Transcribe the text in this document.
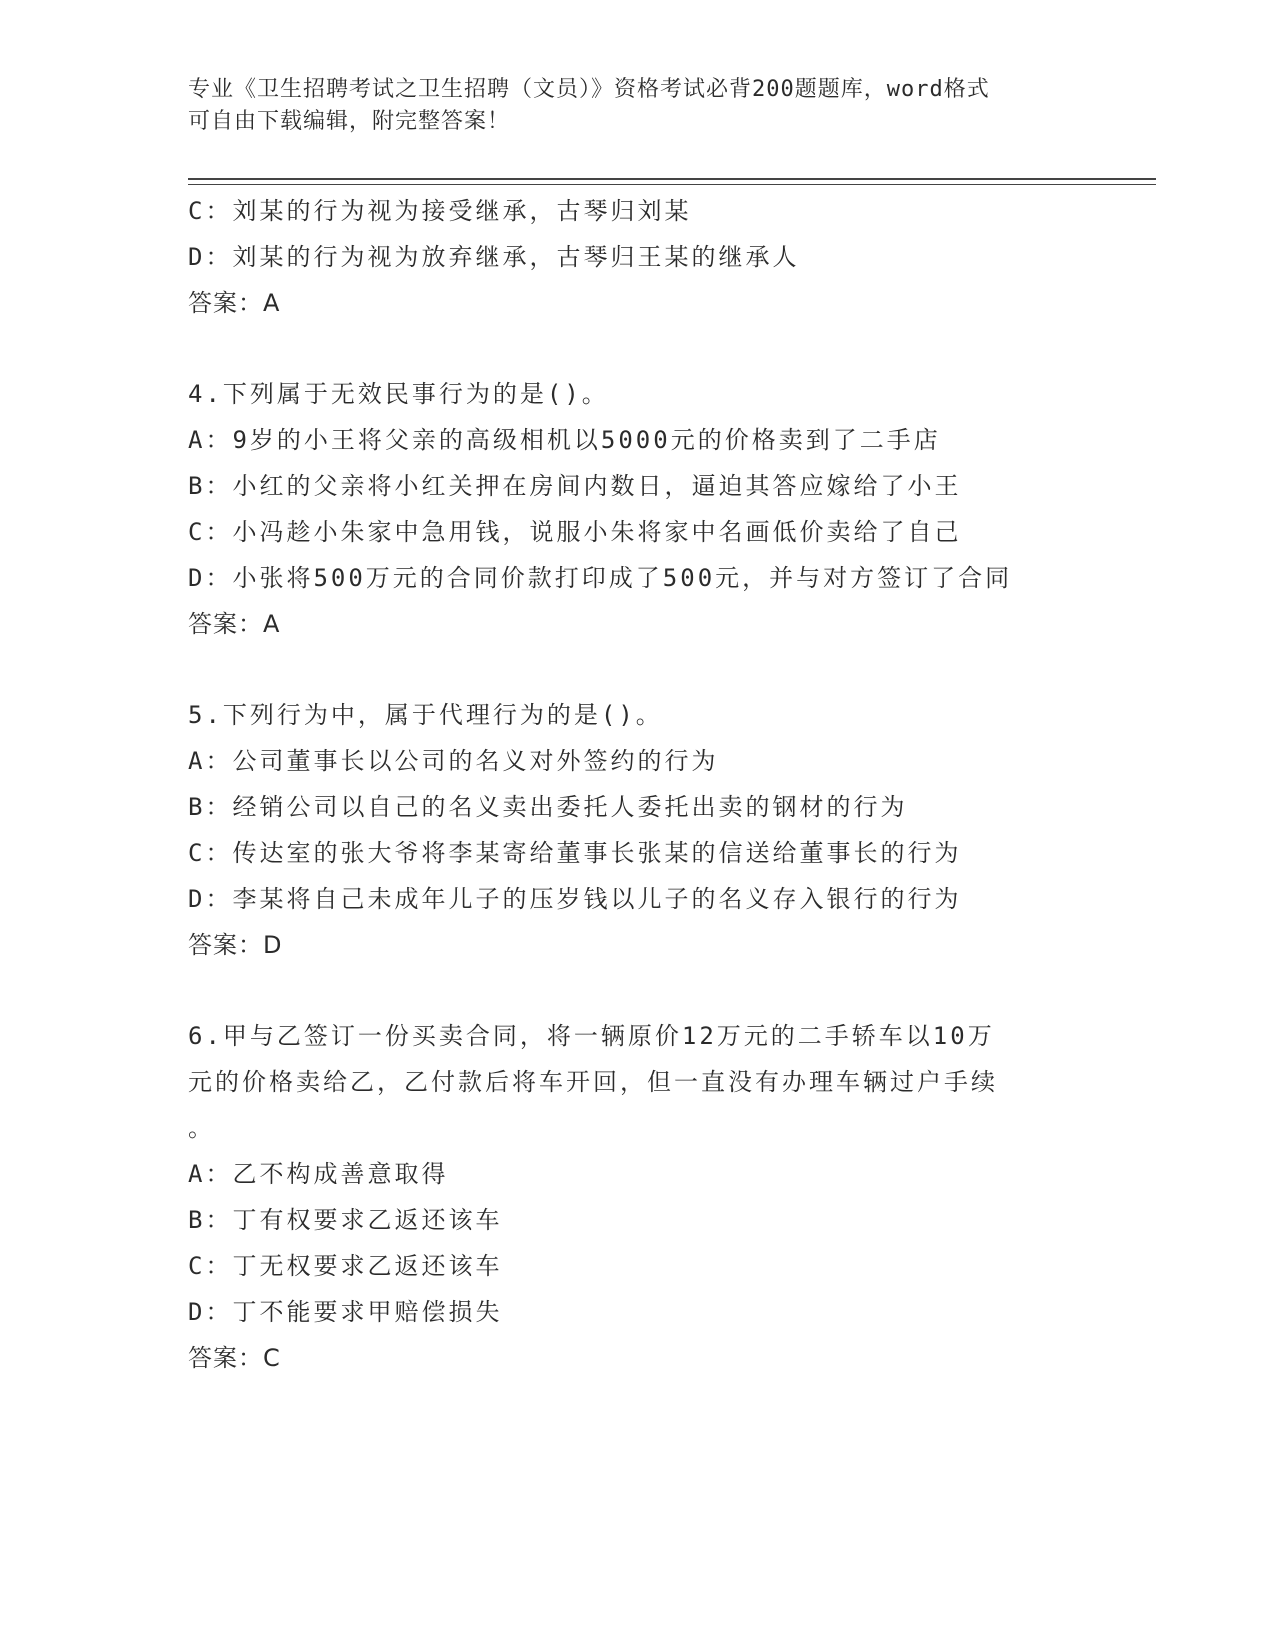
专业《卫生招聘考试之卫生招聘（文员）》资格考试必背200题题库，word格式
可自由下载编辑，附完整答案！
C：刘某的行为视为接受继承，古琴归刘某
D：刘某的行为视为放弃继承，古琴归王某的继承人
答案：A
4.下列属于无效民事行为的是()。
A：9岁的小王将父亲的高级相机以5000元的价格卖到了二手店
B：小红的父亲将小红关押在房间内数日，逼迫其答应嫁给了小王
C：小冯趁小朱家中急用钱，说服小朱将家中名画低价卖给了自己
D：小张将500万元的合同价款打印成了500元，并与对方签订了合同
答案：A
5.下列行为中，属于代理行为的是()。
A：公司董事长以公司的名义对外签约的行为
B：经销公司以自己的名义卖出委托人委托出卖的钢材的行为
C：传达室的张大爷将李某寄给董事长张某的信送给董事长的行为
D：李某将自己未成年儿子的压岁钱以儿子的名义存入银行的行为
答案：D
6.甲与乙签订一份买卖合同，将一辆原价12万元的二手轿车以10万
元的价格卖给乙，乙付款后将车开回，但一直没有办理车辆过户手续
。
A：乙不构成善意取得
B：丁有权要求乙返还该车
C：丁无权要求乙返还该车
D：丁不能要求甲赔偿损失
答案：C
